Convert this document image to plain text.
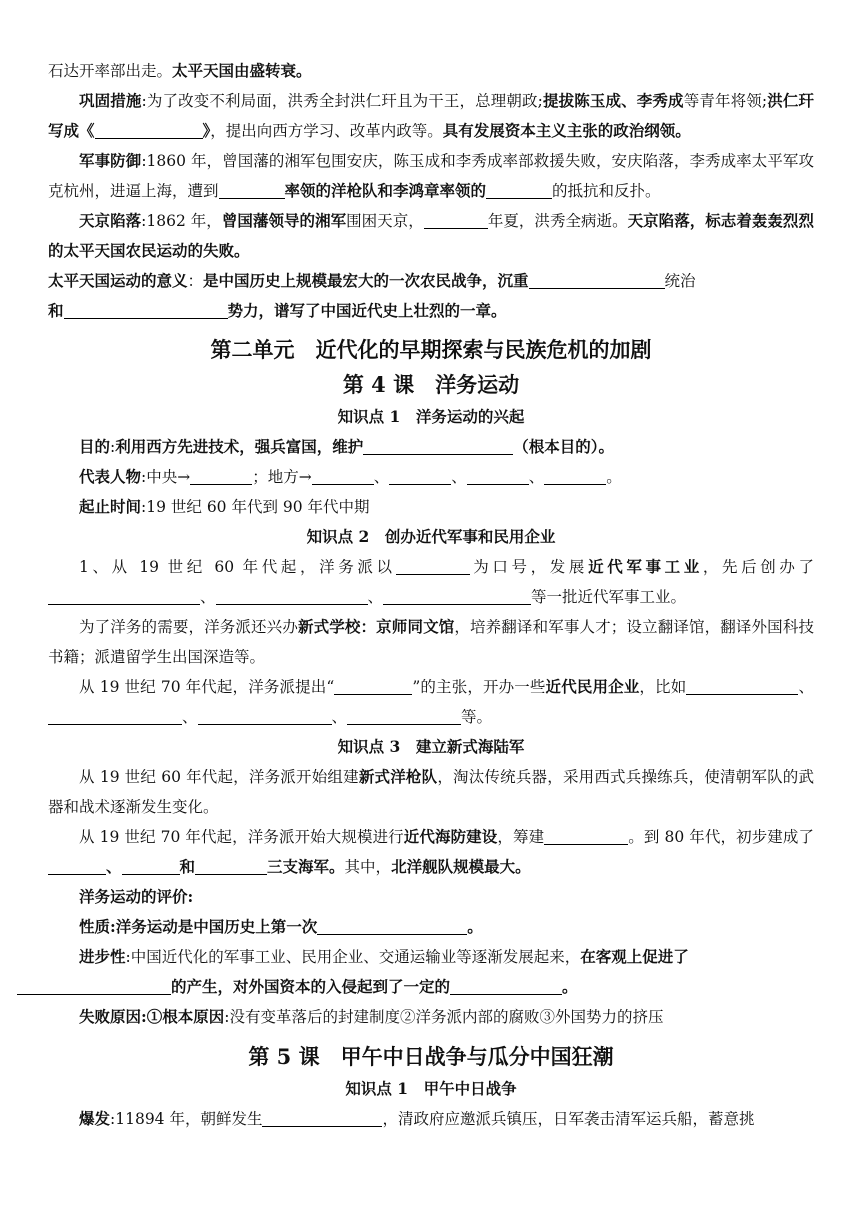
石达开率部出走。太平天国由盛转衰。

巩固措施:为了改变不利局面，洪秀全封洪仁玕且为干王，总理朝政;提拔陈玉成、李秀成等青年将领;洪仁玕写成《	》，提出向西方学习、改革内政等。具有发展资本主义主张的政治纲领。

军事防御:1860 年，曾国藩的湘军包围安庆，陈玉成和李秀成率部救援失败，安庆陷落，李秀成率太平军攻克杭州，进逼上海，遭到	率领的洋枪队和李鸿章率领的	的抵抗和反扑。

天京陷落:1862 年，曾国藩领导的湘军围困天京，	年夏，洪秀全病逝。天京陷落，标志着轰轰烈烈的太平天国农民运动的失败。

太平天国运动的意义：是中国历史上规模最宏大的一次农民战争，沉重	统治
和	势力，谱写了中国近代史上壮烈的一章。

第二单元　近代化的早期探索与民族危机的加剧
第 4 课　洋务运动
知识点 1　洋务运动的兴起

目的:利用西方先进技术，强兵富国，维护	（根本目的）。

代表人物:中央→	；地方→	、	、	、	。

起止时间:19 世纪 60 年代到 90 年代中期

知识点 2　创办近代军事和民用企业

1、从 19 世纪 60 年代起，洋务派以	为口号，发展近代军事工业，先后创办了、	、	等一批近代军事工业。

为了洋务的需要，洋务派还兴办新式学校：京师同文馆，培养翻译和军事人才；设立翻译馆，翻译外国科技书籍；派遣留学生出国深造等。

从 19 世纪 70 年代起，洋务派提出“	”的主张，开办一些近代民用企业，比如	、、	、	等。

知识点 3　建立新式海陆军

从 19 世纪 60 年代起，洋务派开始组建新式洋枪队，淘汰传统兵器，采用西式兵操练兵，使清朝军队的武器和战术逐渐发生变化。

从 19 世纪 70 年代起，洋务派开始大规模进行近代海防建设，筹建	。到 80 年代，初步建成了、	和	三支海军。其中，北洋舰队规模最大。

洋务运动的评价:

性质:洋务运动是中国历史上第一次	。

进步性:中国近代化的军事工业、民用企业、交通运输业等逐渐发展起来，在客观上促进了
的产生，对外国资本的入侵起到了一定的	。

失败原因:①根本原因:没有变革落后的封建制度②洋务派内部的腐败③外国势力的挤压

第 5 课　甲午中日战争与瓜分中国狂潮
知识点 1　甲午中日战争

爆发:11894 年，朝鲜发生	，清政府应邀派兵镇压，日军袭击清军运兵船，蓄意挑
